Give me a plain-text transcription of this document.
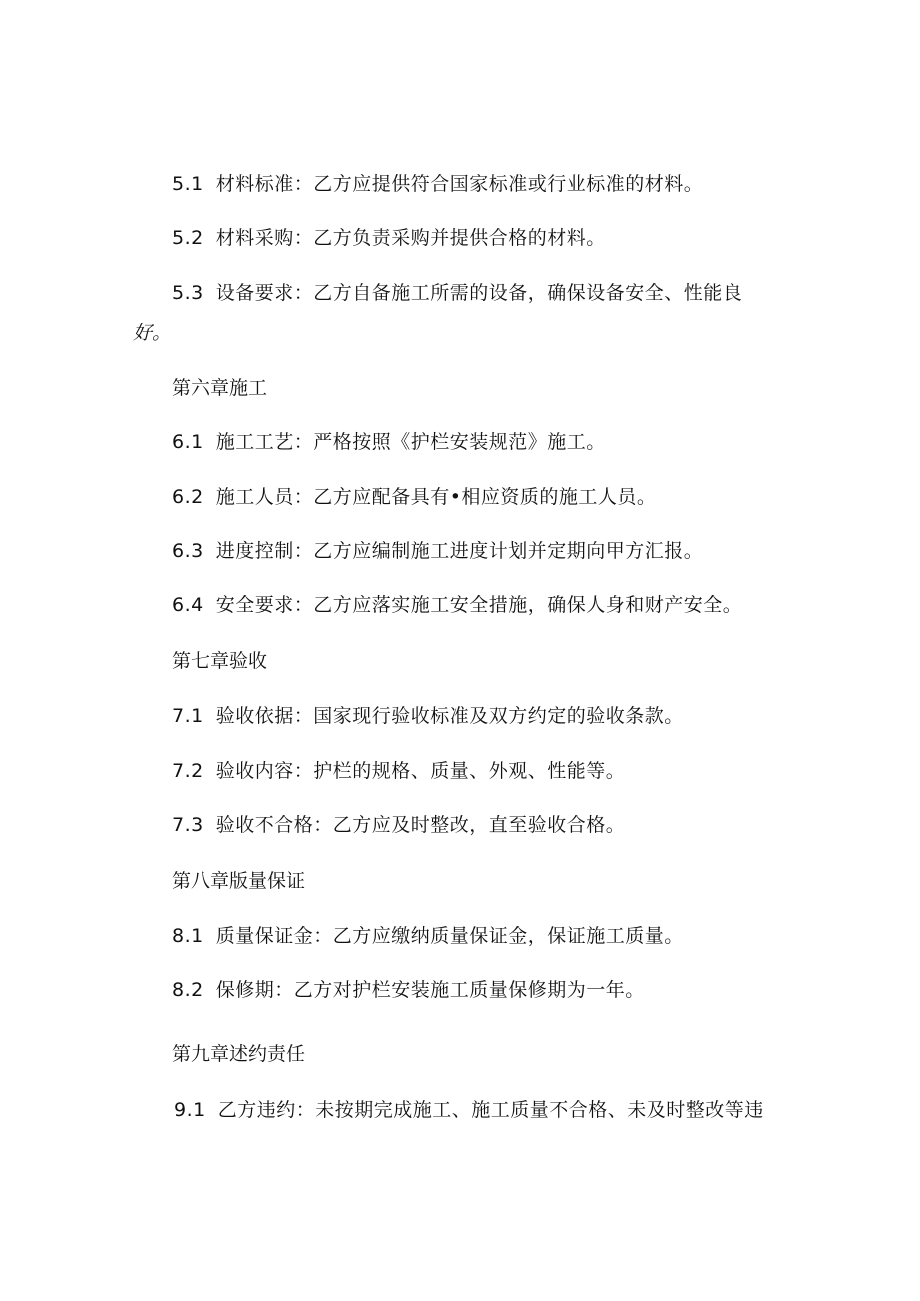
5.1 材料标准：乙方应提供符合国家标准或行业标准的材料。
5.2 材料采购：乙方负责采购并提供合格的材料。
5.3 设备要求：乙方自备施工所需的设备，确保设备安全、性能良
好。
第六章施工
6.1 施工工艺：严格按照《护栏安装规范》施工。
6.2 施工人员：乙方应配备具有•相应资质的施工人员。
6.3 进度控制：乙方应编制施工进度计划并定期向甲方汇报。
6.4 安全要求：乙方应落实施工安全措施，确保人身和财产安全。
第七章验收
7.1 验收依据：国家现行验收标准及双方约定的验收条款。
7.2 验收内容：护栏的规格、质量、外观、性能等。
7.3 验收不合格：乙方应及时整改，直至验收合格。
第八章版量保证
8.1 质量保证金：乙方应缴纳质量保证金，保证施工质量。
8.2 保修期：乙方对护栏安装施工质量保修期为一年。
第九章述约责任
9.1 乙方违约：未按期完成施工、施工质量不合格、未及时整改等违
